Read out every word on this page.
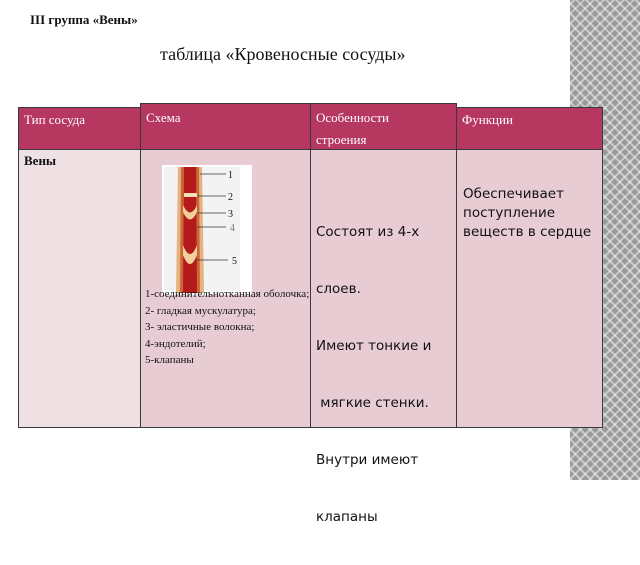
III группа «Вены»
таблица «Кровеносные сосуды»
Тип сосуда	Схема	Особенности
строения
Функции
Вены
1
2
3
4
5
1-соединительнотканная оболочка;
2- гладкая мускулатура;
3- эластичные волокна;
4-эндотелий;
5-клапаны

Состоят из 4-х

слоев.

Имеют тонкие и

мягкие стенки.

Внутри имеют

клапаны

Обеспечивает
поступление
веществ в сердце
